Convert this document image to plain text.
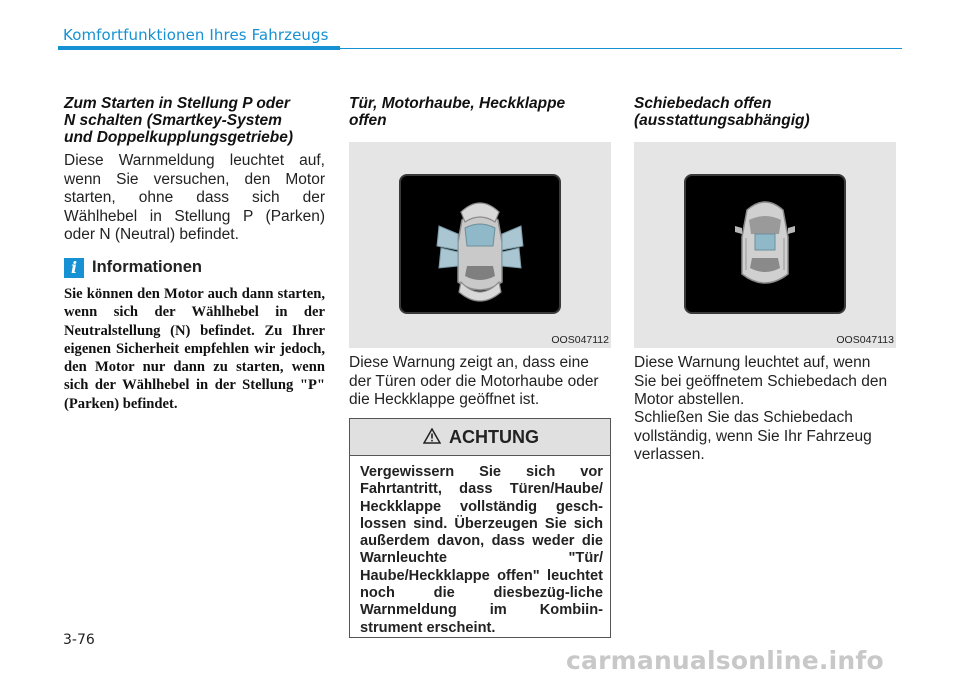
Komfortfunktionen Ihres Fahrzeugs
Zum Starten in Stellung P oder
N schalten (Smartkey-System
und Doppelkupplungsgetriebe)

Diese Warnmeldung leuchtet auf, wenn Sie versuchen, den Motor starten, ohne dass sich der Wählhebel in Stellung P (Parken) oder N (Neutral) befindet.

i Informationen

Sie können den Motor auch dann starten, wenn sich der Wählhebel in der Neutralstellung (N) befindet. Zu Ihrer eigenen Sicherheit empfehlen wir jedoch, den Motor nur dann zu starten, wenn sich der Wählhebel in der Stellung "P" (Parken) befindet.

Tür, Motorhaube, Heckklappe
offen
OOS047112

Diese Warnung zeigt an, dass eine der Türen oder die Motorhaube oder die Heckklappe geöffnet ist.

ACHTUNG

Vergewissern Sie sich vor Fahrtantritt, dass Türen/Haube/ Heckklappe vollständig gesch-lossen sind. Überzeugen Sie sich außerdem davon, dass weder die Warnleuchte "Tür/ Haube/Heckklappe offen" leuchtet noch die diesbezüg-liche Warnmeldung im Kombiin-strument erscheint.

Schiebedach offen
(ausstattungsabhängig)
OOS047113

Diese Warnung leuchtet auf, wenn Sie bei geöffnetem Schiebedach den Motor abstellen.

Schließen Sie das Schiebedach vollständig, wenn Sie Ihr Fahrzeug verlassen.

3-76
carmanualsonline.info
